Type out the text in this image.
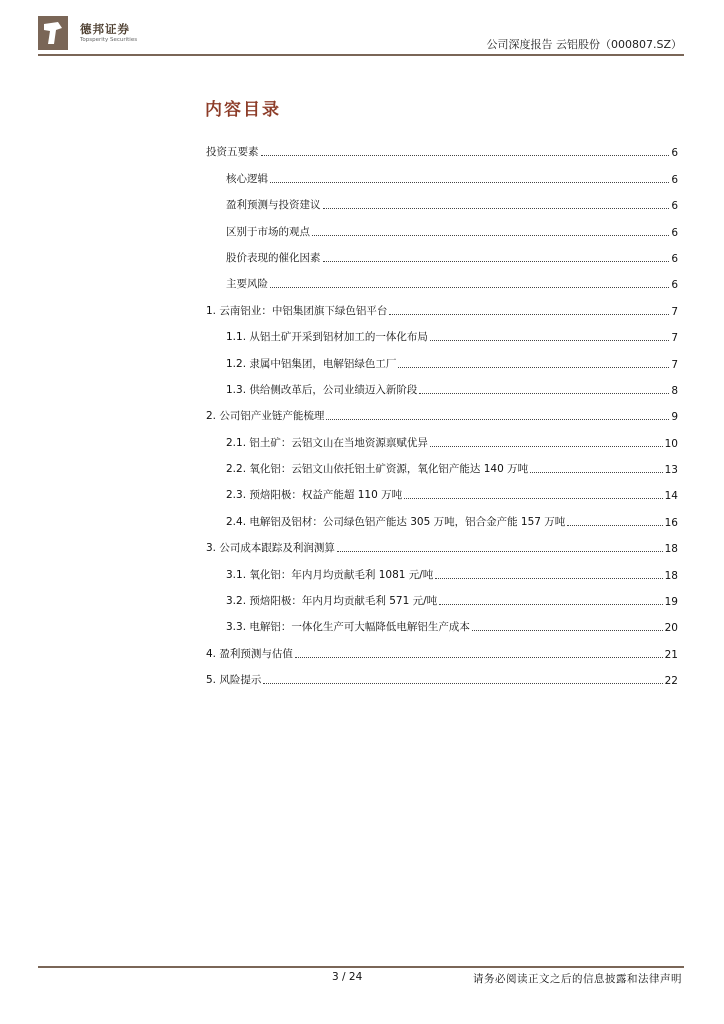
德邦证券
Topsperity Securities	公司深度报告 云铝股份（000807.SZ）
内容目录
投资五要素	6
核心逻辑	6
盈利预测与投资建议	6
区别于市场的观点	6
股价表现的催化因素	6
主要风险	6
1. 云南铝业：中铝集团旗下绿色铝平台	7
1.1. 从铝土矿开采到铝材加工的一体化布局	7
1.2. 隶属中铝集团，电解铝绿色工厂	7
1.3. 供给侧改革后，公司业绩迈入新阶段	8
2. 公司铝产业链产能梳理	9
2.1. 铝土矿：云铝文山在当地资源禀赋优异	10
2.2. 氧化铝：云铝文山依托铝土矿资源，氧化铝产能达 140 万吨	13
2.3. 预焙阳极：权益产能超 110 万吨	14
2.4. 电解铝及铝材：公司绿色铝产能达 305 万吨，铝合金产能 157 万吨	16
3. 公司成本跟踪及利润测算	18
3.1. 氧化铝：年内月均贡献毛利 1081 元/吨	18
3.2. 预焙阳极：年内月均贡献毛利 571 元/吨	19
3.3. 电解铝：一体化生产可大幅降低电解铝生产成本	20
4. 盈利预测与估值	21
5. 风险提示	22
3 / 24	请务必阅读正文之后的信息披露和法律声明
